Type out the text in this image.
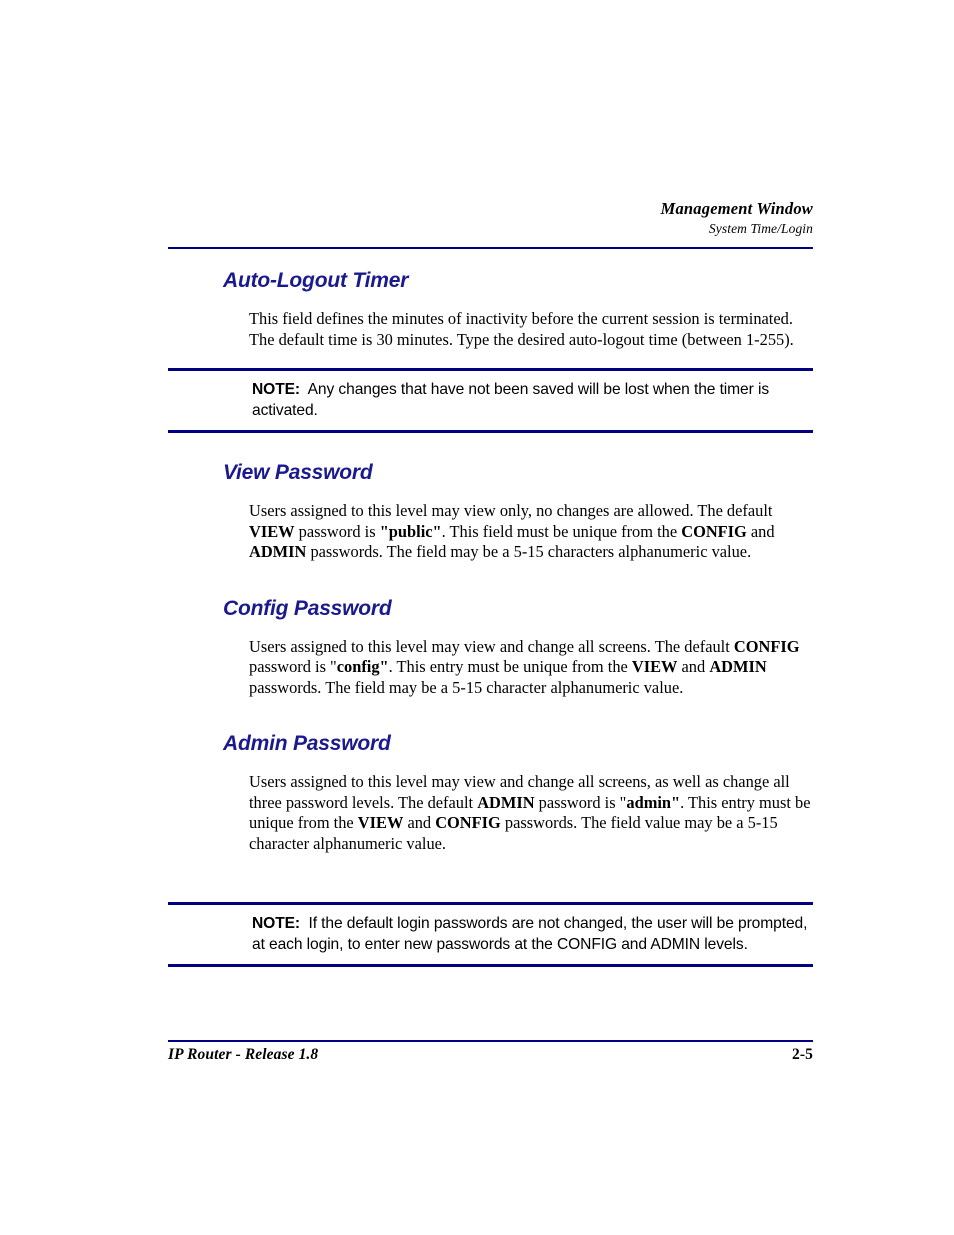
Management Window
System Time/Login
Auto-Logout Timer

This field defines the minutes of inactivity before the current session is terminated. The default time is 30 minutes. Type the desired auto-logout time (between 1-255).

NOTE: Any changes that have not been saved will be lost when the timer is activated.

View Password

Users assigned to this level may view only, no changes are allowed. The default VIEW password is "public". This field must be unique from the CONFIG and ADMIN passwords. The field may be a 5-15 characters alphanumeric value.

Config Password

Users assigned to this level may view and change all screens. The default CONFIG password is "config". This entry must be unique from the VIEW and ADMIN passwords. The field may be a 5-15 character alphanumeric value.

Admin Password

Users assigned to this level may view and change all screens, as well as change all three password levels. The default ADMIN password is "admin". This entry must be unique from the VIEW and CONFIG passwords. The field value may be a 5-15 character alphanumeric value.

NOTE: If the default login passwords are not changed, the user will be prompted, at each login, to enter new passwords at the CONFIG and ADMIN levels.

IP Router - Release 1.8	2-5
